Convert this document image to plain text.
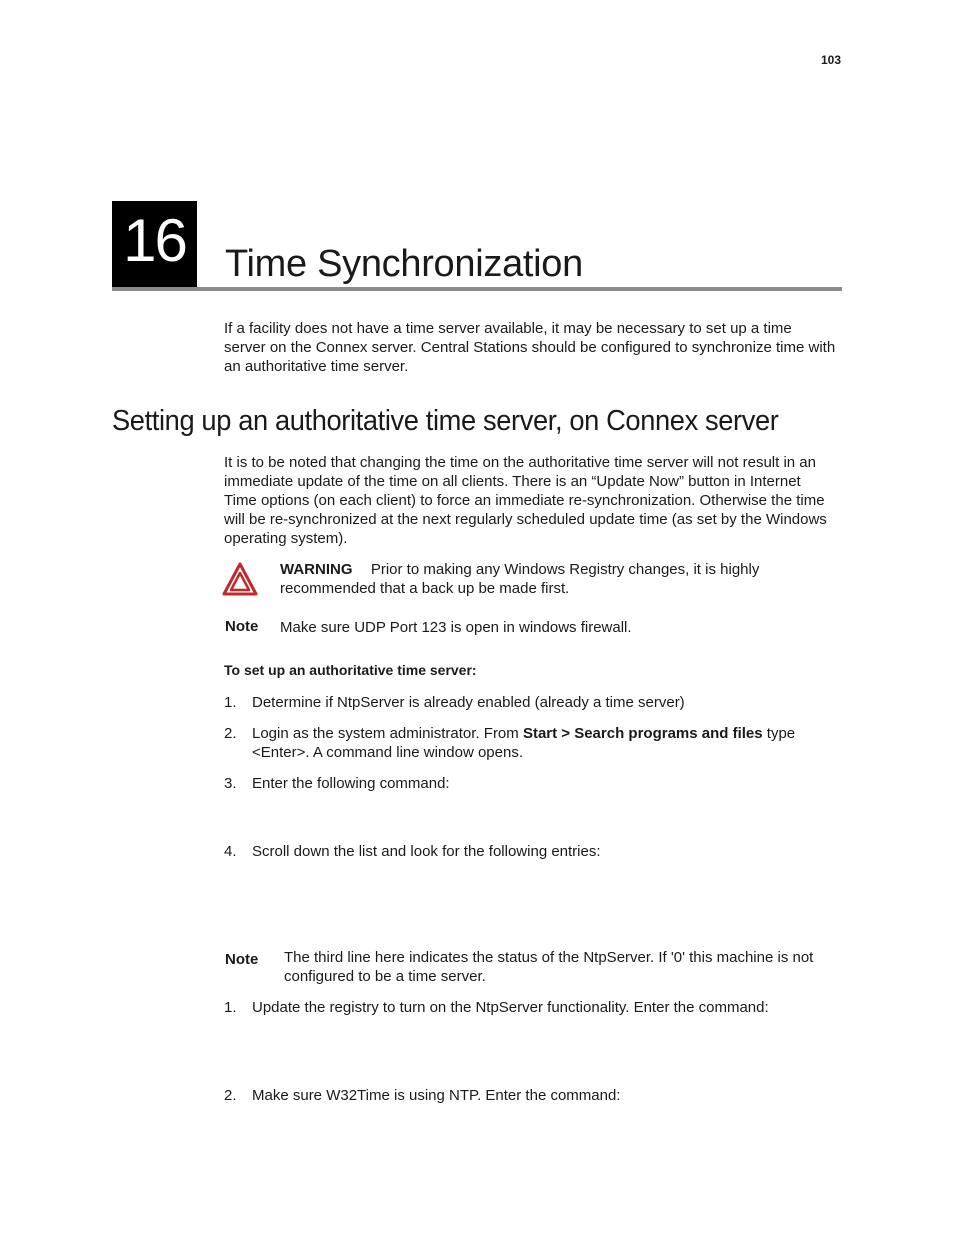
103
16 Time Synchronization

If a facility does not have a time server available, it may be necessary to set up a time server on the Connex server. Central Stations should be configured to synchronize time with an authoritative time server.

Setting up an authoritative time server, on Connex server

It is to be noted that changing the time on the authoritative time server will not result in an immediate update of the time on all clients. There is an “Update Now” button in Internet Time options (on each client) to force an immediate re-synchronization. Otherwise the time will be re-synchronized at the next regularly scheduled update time (as set by the Windows operating system).

WARNING Prior to making any Windows Registry changes, it is highly recommended that a back up be made first.
Note Make sure UDP Port 123 is open in windows firewall.
To set up an authoritative time server:
1. Determine if NtpServer is already enabled (already a time server)
2. Login as the system administrator. From Start > Search programs and files type <Enter>. A command line window opens.
3. Enter the following command:
4. Scroll down the list and look for the following entries:
Note The third line here indicates the status of the NtpServer. If '0' this machine is not configured to be a time server.
1. Update the registry to turn on the NtpServer functionality. Enter the command:
2. Make sure W32Time is using NTP. Enter the command:
